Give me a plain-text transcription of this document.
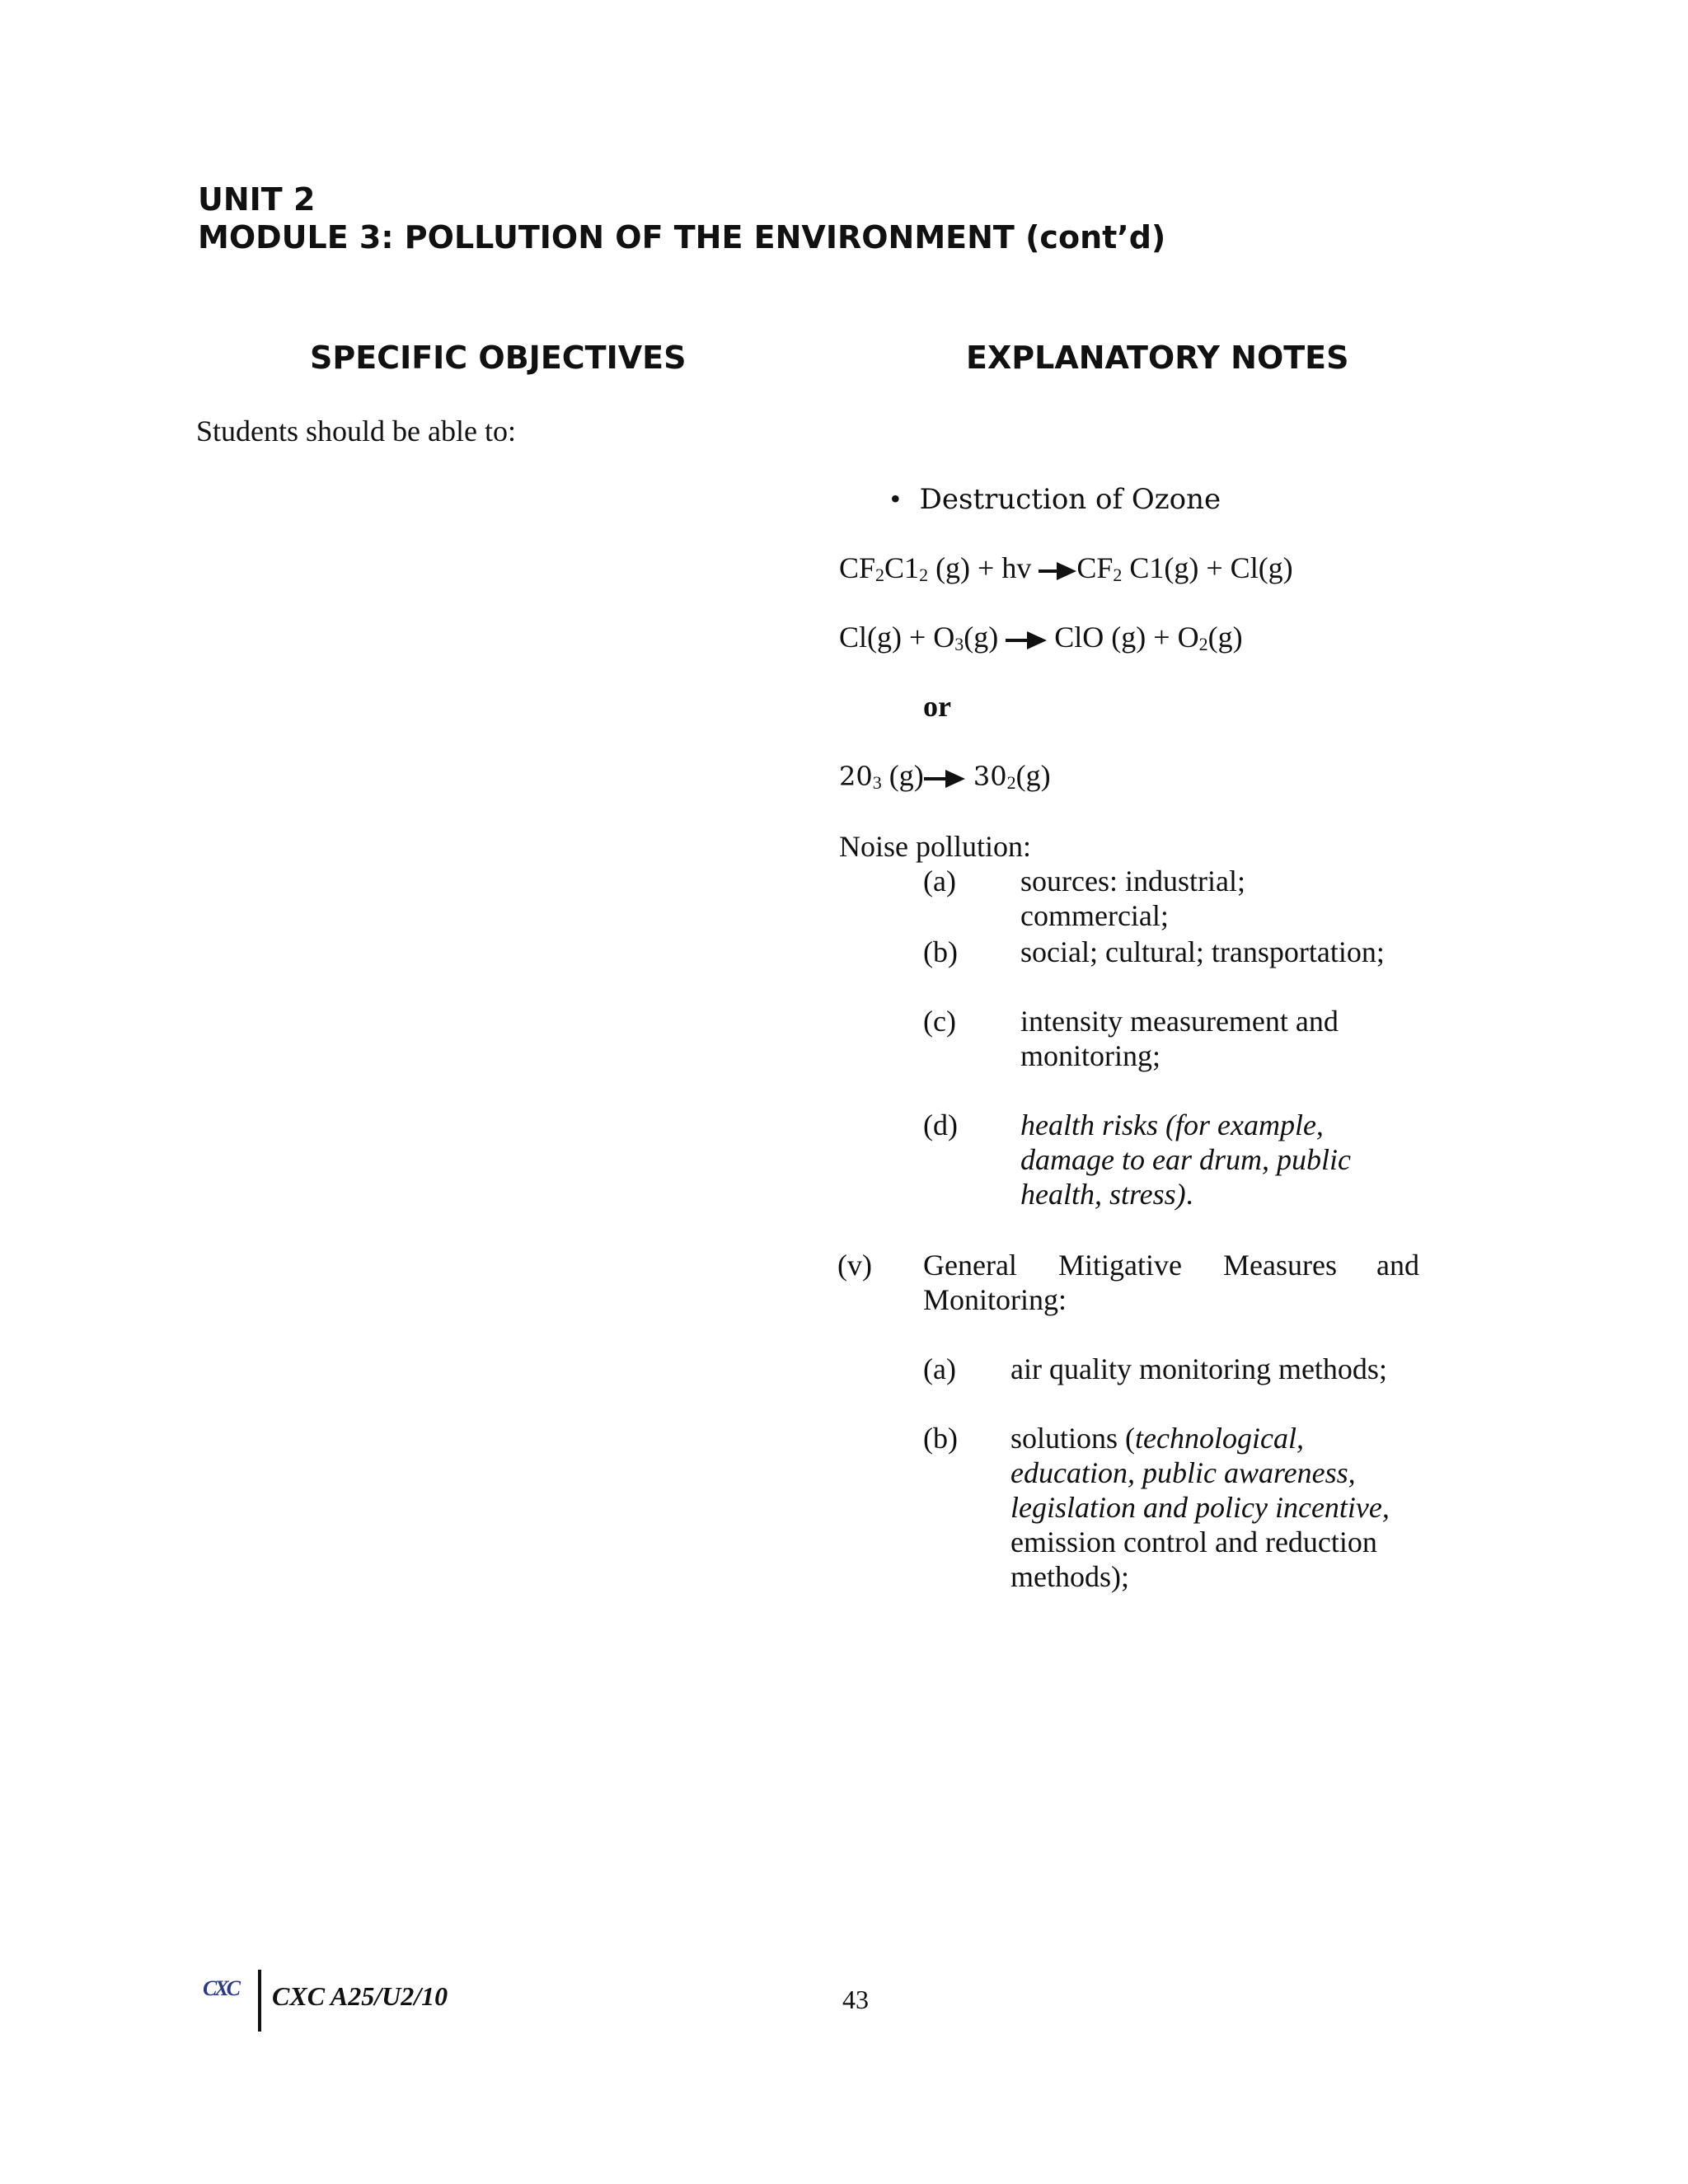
UNIT 2
MODULE 3: POLLUTION OF THE ENVIRONMENT (cont’d)
SPECIFIC OBJECTIVES	EXPLANATORY NOTES
Students should be able to:
• Destruction of Ozone
$CF_2C1_2$ (g) + hv $\to CF_2$ C1(g) + Cl(g)
$Cl(g) + O_3(g)$ → ClO $(g) + O_2(g)$
or
$20_3$ $(g)\to 30_2(g)$
Noise pollution:
(a) sources: industrial;
commercial;
(b) social; cultural; transportation;
(c) intensity measurement and
monitoring;
(d) health risks (for example,
damage to ear drum, public
health, stress).
(v) General Mitigative Measures and
Monitoring:
(a) air quality monitoring methods;
(b) solutions (technological,
education, public awareness,
legislation and policy incentive,
emission control and reduction
methods);
CXC CXC A25/U2/10	43
